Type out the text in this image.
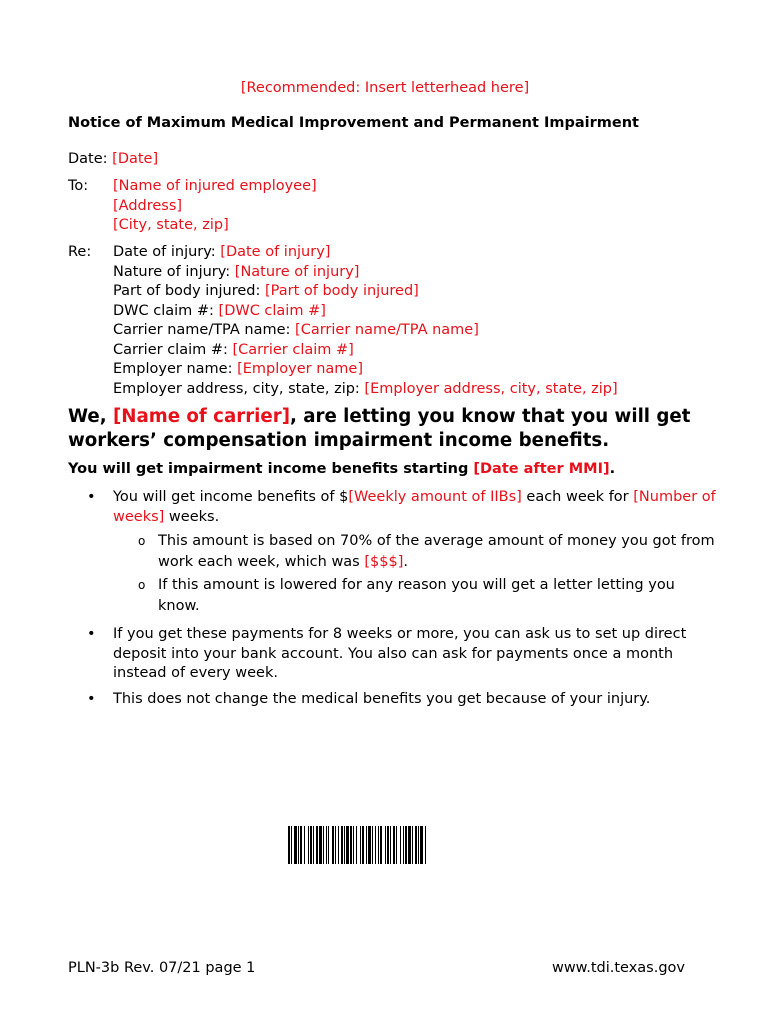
[Recommended: Insert letterhead here]
Notice of Maximum Medical Improvement and Permanent Impairment
Date: [Date]
To: [Name of injured employee]
[Address]
[City, state, zip]
Re: Date of injury: [Date of injury]
Nature of injury: [Nature of injury]
Part of body injured: [Part of body injured]
DWC claim #: [DWC claim #]
Carrier name/TPA name: [Carrier name/TPA name]
Carrier claim #: [Carrier claim #]
Employer name: [Employer name]
Employer address, city, state, zip: [Employer address, city, state, zip]
We, [Name of carrier], are letting you know that you will get workers’ compensation impairment income benefits.
You will get impairment income benefits starting [Date after MMI].
• You will get income benefits of $[Weekly amount of IIBs] each week for [Number of weeks] weeks.
o This amount is based on 70% of the average amount of money you got from work each week, which was [$$$].
o If this amount is lowered for any reason you will get a letter letting you know.
• If you get these payments for 8 weeks or more, you can ask us to set up direct deposit into your bank account. You also can ask for payments once a month instead of every week.
• This does not change the medical benefits you get because of your injury.
PLN-3b Rev. 07/21 page 1	www.tdi.texas.gov
